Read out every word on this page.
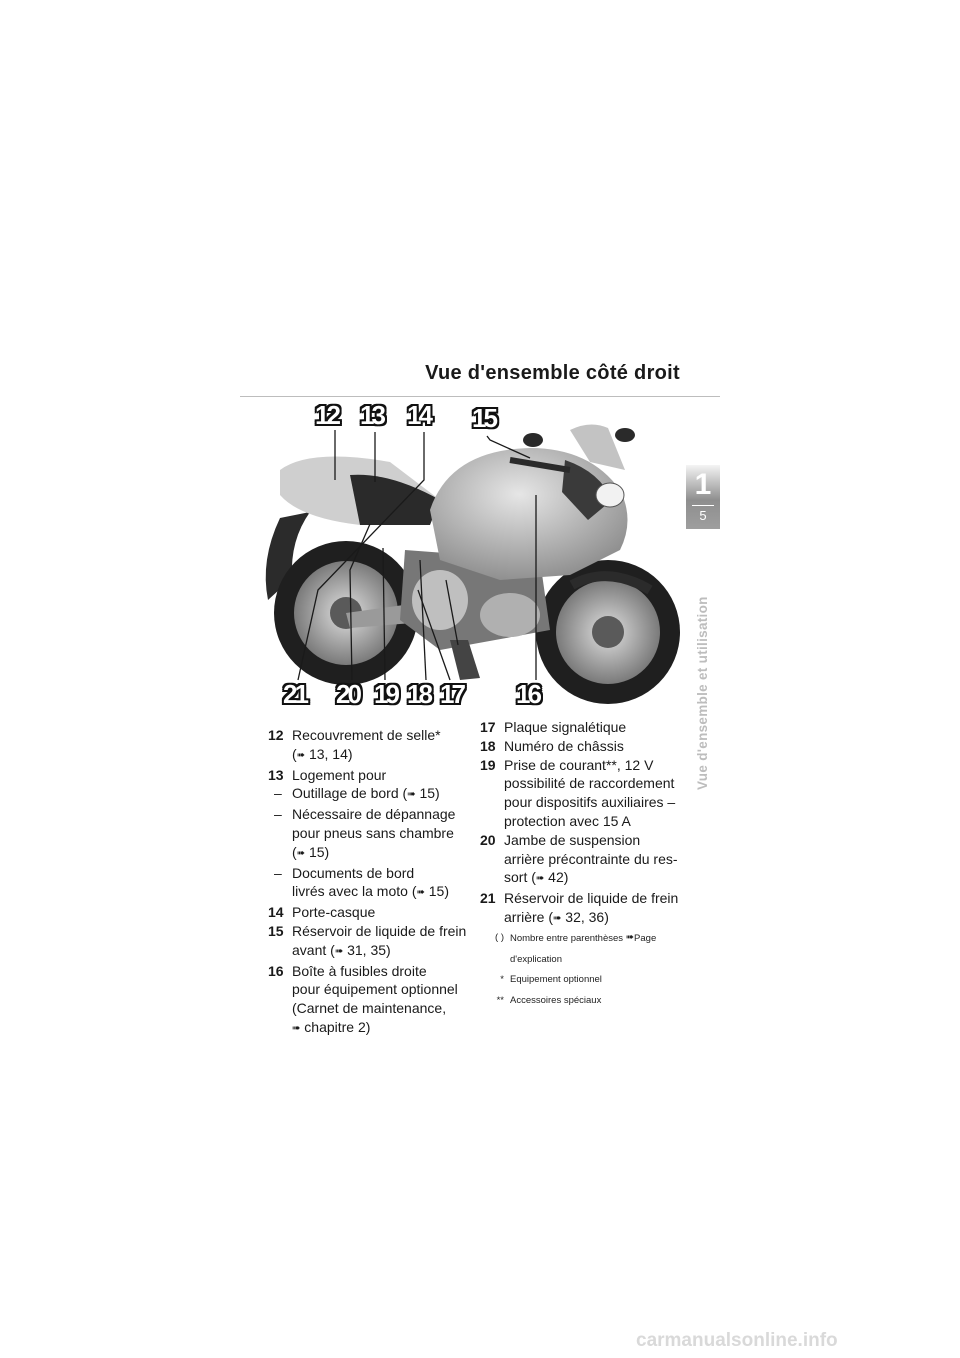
Vue d'ensemble côté droit
12 13 14 15
21 20 19 18 17 16
12 Recouvrement de selle*
(➠ 13, 14)
13 Logement pour
– Outillage de bord (➠ 15)
– Nécessaire de dépannage
pour pneus sans chambre
(➠ 15)
– Documents de bord
livrés avec la moto (➠ 15)
14 Porte-casque
15 Réservoir de liquide de frein
avant (➠ 31, 35)
16 Boîte à fusibles droite
pour équipement optionnel
(Carnet de maintenance,
➠ chapitre 2)
17 Plaque signalétique
18 Numéro de châssis
19 Prise de courant**, 12 V
possibilité de raccordement
pour dispositifs auxiliaires –
protection avec 15 A
20 Jambe de suspension
arrière précontrainte du res-
sort (➠ 42)
21 Réservoir de liquide de frein
arrière (➠ 32, 36)
( ) Nombre entre parenthèses ➠Page
d'explication
* Equipement optionnel
** Accessoires spéciaux
1
5
Vue d'ensemble et utilisation
carmanualsonline.info
